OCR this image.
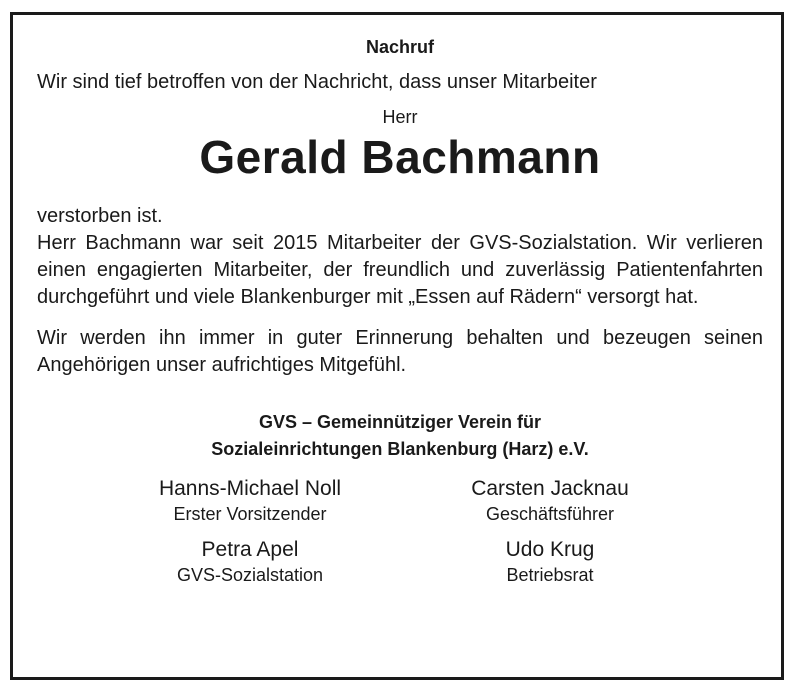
Nachruf
Wir sind tief betroffen von der Nachricht, dass unser Mitarbeiter
Herr
Gerald Bachmann
verstorben ist.
Herr Bachmann war seit 2015 Mitarbeiter der GVS-Sozialstation. Wir verlieren einen engagierten Mitarbeiter, der freundlich und zuverlässig Patientenfahrten durchgeführt und viele Blankenburger mit „Essen auf Rädern“ versorgt hat.
Wir werden ihn immer in guter Erinnerung behalten und bezeugen seinen Angehörigen unser aufrichtiges Mitgefühl.
GVS – Gemeinnütziger Verein für
Sozialeinrichtungen Blankenburg (Harz) e.V.
Hanns-Michael Noll
Erster Vorsitzender
Carsten Jacknau
Geschäftsführer
Petra Apel
GVS-Sozialstation
Udo Krug
Betriebsrat
